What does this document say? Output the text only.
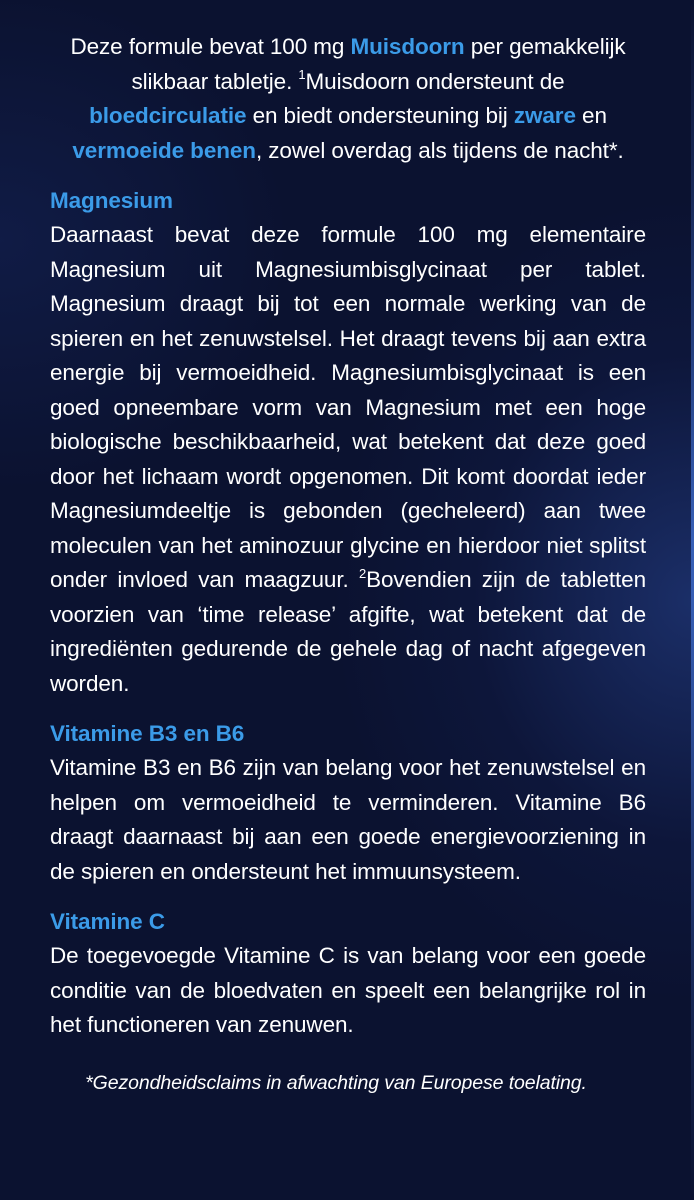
Deze formule bevat 100 mg Muisdoorn per gemakkelijk slikbaar tabletje. $^1$Muisdoorn ondersteunt de bloedcirculatie en biedt ondersteuning bij zware en
vermoeide benen, zowel overdag als tijdens de nacht*.

Magnesium

Daarnaast bevat deze formule 100 mg elementaire Magnesium uit Magnesiumbisglycinaat per tablet. Magnesium draagt bij tot een normale werking van de spieren en het zenuwstelsel. Het draagt tevens bij aan extra energie bij vermoeidheid. Magnesiumbisglycinaat is een goed opneembare vorm van Magnesium met een hoge biologische beschikbaarheid, wat betekent dat deze goed door het lichaam wordt opgenomen. Dit komt doordat ieder Magnesiumdeeltje is gebonden (gecheleerd) aan twee moleculen van het aminozuur glycine en hierdoor niet splitst onder invloed van maagzuur. $^2$Bovendien zijn de tabletten voorzien van ‘time release’ afgifte, wat betekent dat de ingrediënten gedurende de gehele dag of nacht afgegeven worden.

Vitamine B3 en B6

Vitamine B3 en B6 zijn van belang voor het zenuwstelsel en helpen om vermoeidheid te verminderen. Vitamine B6 draagt daarnaast bij aan een goede energievoorziening in de spieren en ondersteunt het immuunsysteem.

Vitamine C

De toegevoegde Vitamine C is van belang voor een goede conditie van de bloedvaten en speelt een belangrijke rol in het functioneren van zenuwen.

*Gezondheidsclaims in afwachting van Europese toelating.
